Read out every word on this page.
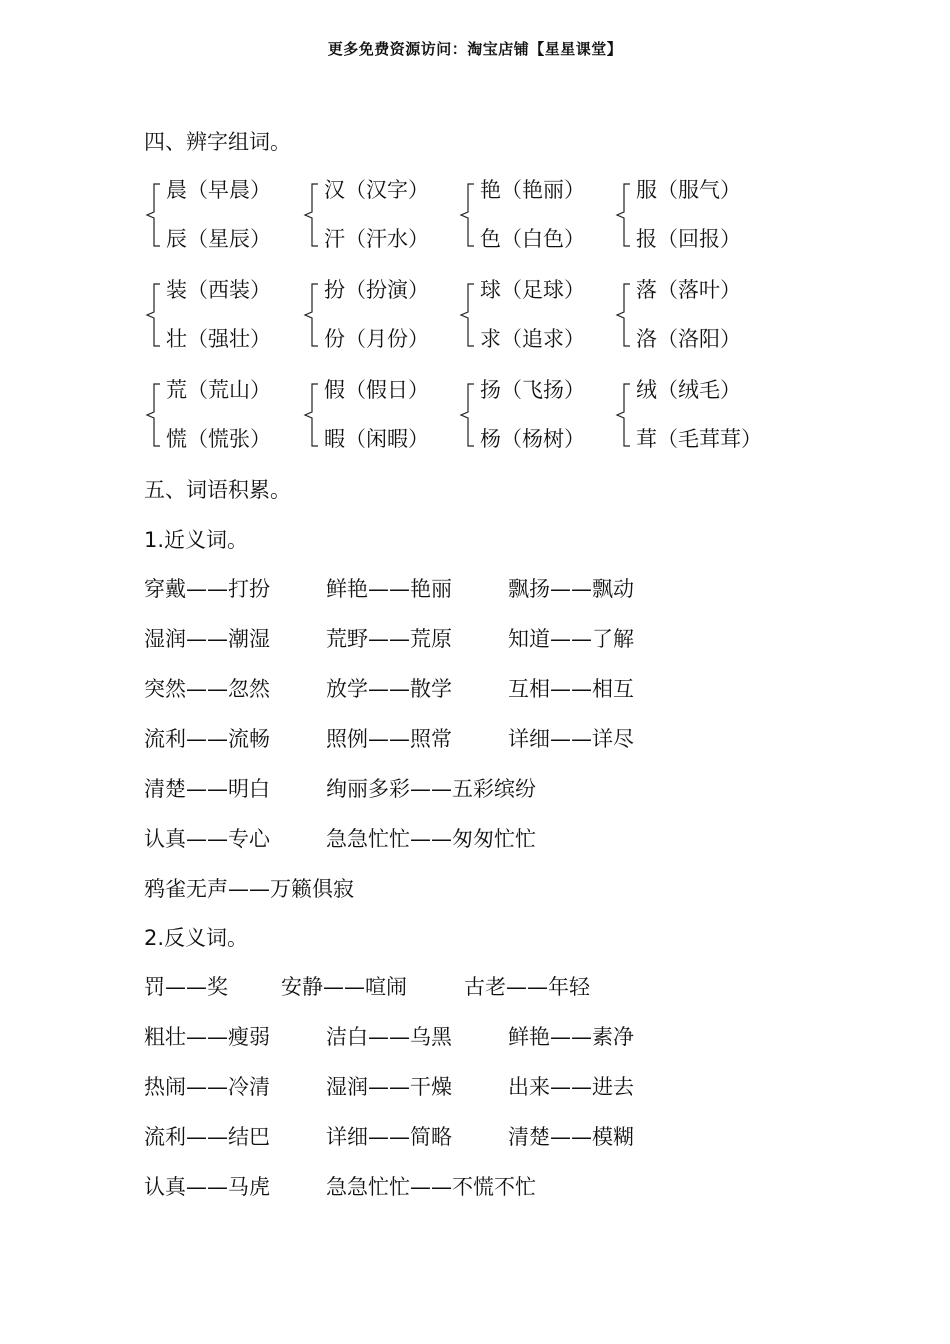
更多免费资源访问：淘宝店铺【星星课堂】
四、辨字组词。
晨（早晨）
辰（星辰）
汉（汉字）
汗（汗水）
艳（艳丽）
色（白色）
服（服气）
报（回报）
装（西装）
壮（强壮）
扮（扮演）
份（月份）
球（足球）
求（追求）
落（落叶）
洛（洛阳）
荒（荒山）
慌（慌张）
假（假日）
暇（闲暇）
扬（飞扬）
杨（杨树）
绒（绒毛）
茸（毛茸茸）
五、词语积累。
1.近义词。
穿戴——打扮	鲜艳——艳丽	飘扬——飘动
湿润——潮湿	荒野——荒原	知道——了解
突然——忽然	放学——散学	互相——相互
流利——流畅	照例——照常	详细——详尽
清楚——明白	绚丽多彩——五彩缤纷
认真——专心	急急忙忙——匆匆忙忙
鸦雀无声——万籁俱寂
2.反义词。
罚——奖	安静——喧闹	古老——年轻
粗壮——瘦弱	洁白——乌黑	鲜艳——素净
热闹——冷清	湿润——干燥	出来——进去
流利——结巴	详细——简略	清楚——模糊
认真——马虎	急急忙忙——不慌不忙
